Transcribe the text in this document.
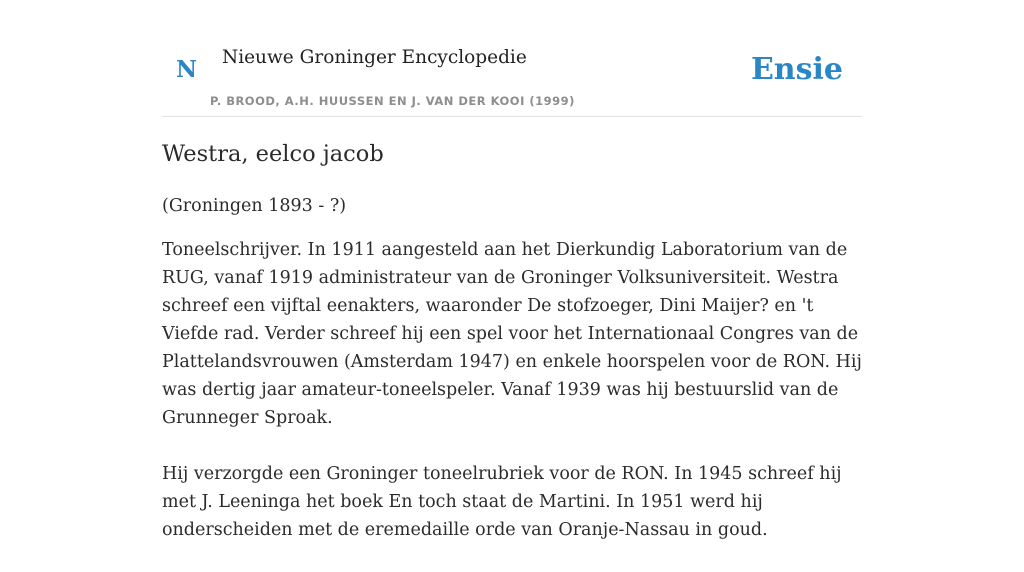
N Nieuwe Groninger Encyclopedie
P. BROOD, A.H. HUUSSEN EN J. VAN DER KOOI (1999)
Ensie
Westra, eelco jacob

(Groningen 1893 - ?)

Toneelschrijver. In 1911 aangesteld aan het Dierkundig Laboratorium van de RUG, vanaf 1919 administrateur van de Groninger Volksuniversiteit. Westra schreef een vijftal eenakters, waaronder De stofzoeger, Dini Maijer? en 't Viefde rad. Verder schreef hij een spel voor het Internationaal Congres van de Plattelandsvrouwen (Amsterdam 1947) en enkele hoorspelen voor de RON. Hij was dertig jaar amateur-toneelspeler. Vanaf 1939 was hij bestuurslid van de Grunneger Sproak.

Hij verzorgde een Groninger toneelrubriek voor de RON. In 1945 schreef hij met J. Leeninga het boek En toch staat de Martini. In 1951 werd hij onderscheiden met de eremedaille orde van Oranje-Nassau in goud.
